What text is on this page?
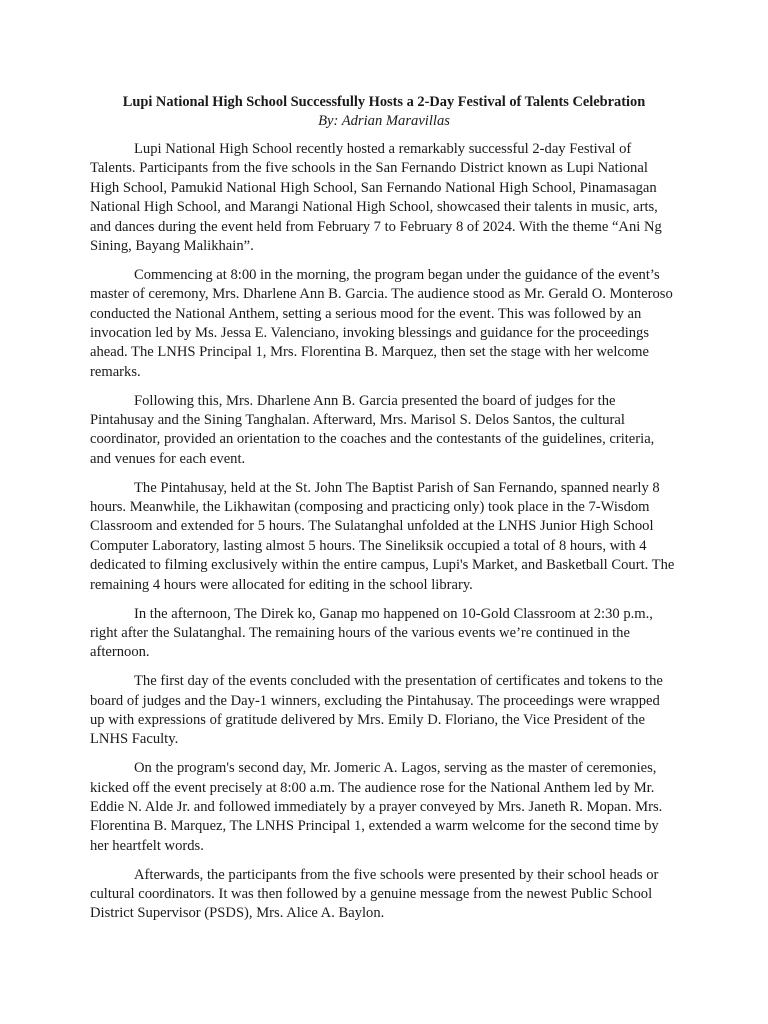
Lupi National High School Successfully Hosts a 2-Day Festival of Talents Celebration

By: Adrian Maravillas

Lupi National High School recently hosted a remarkably successful 2-day Festival of Talents. Participants from the five schools in the San Fernando District known as Lupi National High School, Pamukid National High School, San Fernando National High School, Pinamasagan National High School, and Marangi National High School, showcased their talents in music, arts, and dances during the event held from February 7 to February 8 of 2024. With the theme “Ani Ng Sining, Bayang Malikhain”.

Commencing at 8:00 in the morning, the program began under the guidance of the event’s master of ceremony, Mrs. Dharlene Ann B. Garcia. The audience stood as Mr. Gerald O. Monteroso conducted the National Anthem, setting a serious mood for the event. This was followed by an invocation led by Ms. Jessa E. Valenciano, invoking blessings and guidance for the proceedings ahead. The LNHS Principal 1, Mrs. Florentina B. Marquez, then set the stage with her welcome remarks.

Following this, Mrs. Dharlene Ann B. Garcia presented the board of judges for the Pintahusay and the Sining Tanghalan. Afterward, Mrs. Marisol S. Delos Santos, the cultural coordinator, provided an orientation to the coaches and the contestants of the guidelines, criteria, and venues for each event.

The Pintahusay, held at the St. John The Baptist Parish of San Fernando, spanned nearly 8 hours. Meanwhile, the Likhawitan (composing and practicing only) took place in the 7-Wisdom Classroom and extended for 5 hours. The Sulatanghal unfolded at the LNHS Junior High School Computer Laboratory, lasting almost 5 hours. The Sineliksik occupied a total of 8 hours, with 4 dedicated to filming exclusively within the entire campus, Lupi's Market, and Basketball Court. The remaining 4 hours were allocated for editing in the school library.

In the afternoon, The Direk ko, Ganap mo happened on 10-Gold Classroom at 2:30 p.m., right after the Sulatanghal. The remaining hours of the various events we’re continued in the afternoon.

The first day of the events concluded with the presentation of certificates and tokens to the board of judges and the Day-1 winners, excluding the Pintahusay. The proceedings were wrapped up with expressions of gratitude delivered by Mrs. Emily D. Floriano, the Vice President of the LNHS Faculty.

On the program's second day, Mr. Jomeric A. Lagos, serving as the master of ceremonies, kicked off the event precisely at 8:00 a.m. The audience rose for the National Anthem led by Mr. Eddie N. Alde Jr. and followed immediately by a prayer conveyed by Mrs. Janeth R. Mopan. Mrs. Florentina B. Marquez, The LNHS Principal 1, extended a warm welcome for the second time by her heartfelt words.

Afterwards, the participants from the five schools were presented by their school heads or cultural coordinators. It was then followed by a genuine message from the newest Public School District Supervisor (PSDS), Mrs. Alice A. Baylon.
